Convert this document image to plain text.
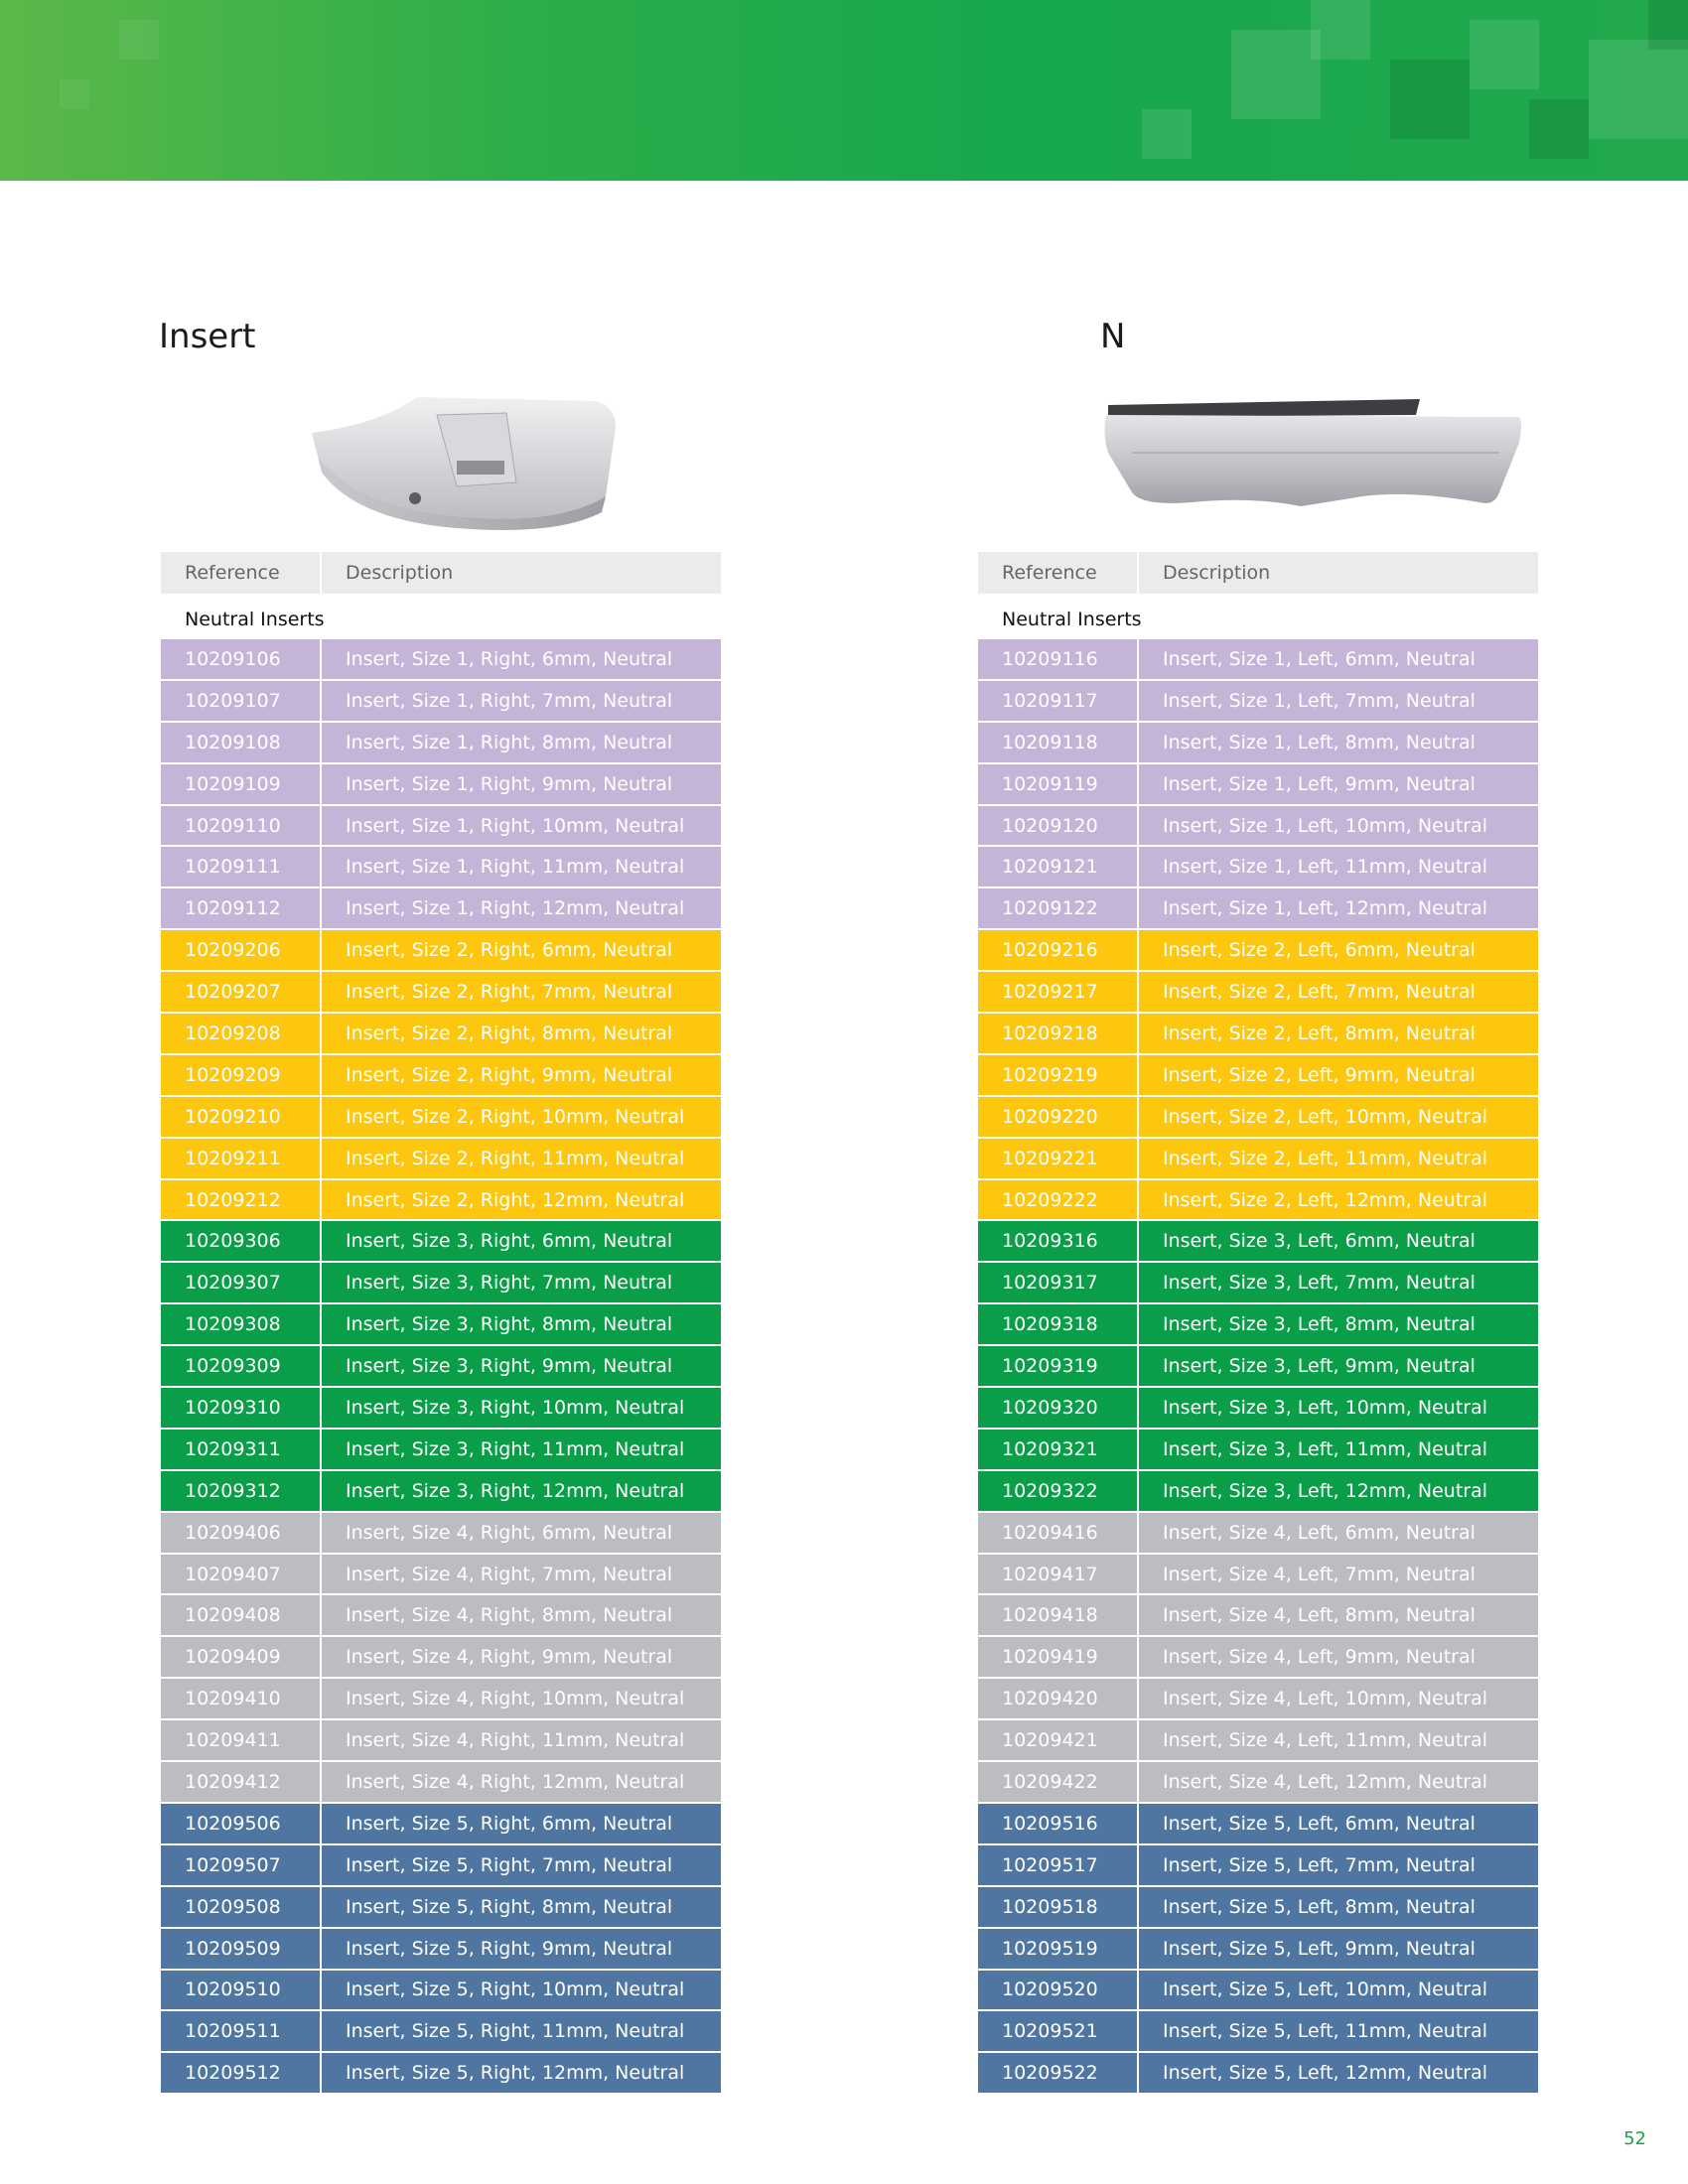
Insert
Reference	Description
Neutral Inserts	
10209106	Insert, Size 1, Right, 6mm, Neutral
10209107	Insert, Size 1, Right, 7mm, Neutral
10209108	Insert, Size 1, Right, 8mm, Neutral
10209109	Insert, Size 1, Right, 9mm, Neutral
10209110	Insert, Size 1, Right, 10mm, Neutral
10209111	Insert, Size 1, Right, 11mm, Neutral
10209112	Insert, Size 1, Right, 12mm, Neutral
10209206	Insert, Size 2, Right, 6mm, Neutral
10209207	Insert, Size 2, Right, 7mm, Neutral
10209208	Insert, Size 2, Right, 8mm, Neutral
10209209	Insert, Size 2, Right, 9mm, Neutral
10209210	Insert, Size 2, Right, 10mm, Neutral
10209211	Insert, Size 2, Right, 11mm, Neutral
10209212	Insert, Size 2, Right, 12mm, Neutral
10209306	Insert, Size 3, Right, 6mm, Neutral
10209307	Insert, Size 3, Right, 7mm, Neutral
10209308	Insert, Size 3, Right, 8mm, Neutral
10209309	Insert, Size 3, Right, 9mm, Neutral
10209310	Insert, Size 3, Right, 10mm, Neutral
10209311	Insert, Size 3, Right, 11mm, Neutral
10209312	Insert, Size 3, Right, 12mm, Neutral
10209406	Insert, Size 4, Right, 6mm, Neutral
10209407	Insert, Size 4, Right, 7mm, Neutral
10209408	Insert, Size 4, Right, 8mm, Neutral
10209409	Insert, Size 4, Right, 9mm, Neutral
10209410	Insert, Size 4, Right, 10mm, Neutral
10209411	Insert, Size 4, Right, 11mm, Neutral
10209412	Insert, Size 4, Right, 12mm, Neutral
10209506	Insert, Size 5, Right, 6mm, Neutral
10209507	Insert, Size 5, Right, 7mm, Neutral
10209508	Insert, Size 5, Right, 8mm, Neutral
10209509	Insert, Size 5, Right, 9mm, Neutral
10209510	Insert, Size 5, Right, 10mm, Neutral
10209511	Insert, Size 5, Right, 11mm, Neutral
10209512	Insert, Size 5, Right, 12mm, Neutral
N
Reference	Description
Neutral Inserts	
10209116	Insert, Size 1, Left, 6mm, Neutral
10209117	Insert, Size 1, Left, 7mm, Neutral
10209118	Insert, Size 1, Left, 8mm, Neutral
10209119	Insert, Size 1, Left, 9mm, Neutral
10209120	Insert, Size 1, Left, 10mm, Neutral
10209121	Insert, Size 1, Left, 11mm, Neutral
10209122	Insert, Size 1, Left, 12mm, Neutral
10209216	Insert, Size 2, Left, 6mm, Neutral
10209217	Insert, Size 2, Left, 7mm, Neutral
10209218	Insert, Size 2, Left, 8mm, Neutral
10209219	Insert, Size 2, Left, 9mm, Neutral
10209220	Insert, Size 2, Left, 10mm, Neutral
10209221	Insert, Size 2, Left, 11mm, Neutral
10209222	Insert, Size 2, Left, 12mm, Neutral
10209316	Insert, Size 3, Left, 6mm, Neutral
10209317	Insert, Size 3, Left, 7mm, Neutral
10209318	Insert, Size 3, Left, 8mm, Neutral
10209319	Insert, Size 3, Left, 9mm, Neutral
10209320	Insert, Size 3, Left, 10mm, Neutral
10209321	Insert, Size 3, Left, 11mm, Neutral
10209322	Insert, Size 3, Left, 12mm, Neutral
10209416	Insert, Size 4, Left, 6mm, Neutral
10209417	Insert, Size 4, Left, 7mm, Neutral
10209418	Insert, Size 4, Left, 8mm, Neutral
10209419	Insert, Size 4, Left, 9mm, Neutral
10209420	Insert, Size 4, Left, 10mm, Neutral
10209421	Insert, Size 4, Left, 11mm, Neutral
10209422	Insert, Size 4, Left, 12mm, Neutral
10209516	Insert, Size 5, Left, 6mm, Neutral
10209517	Insert, Size 5, Left, 7mm, Neutral
10209518	Insert, Size 5, Left, 8mm, Neutral
10209519	Insert, Size 5, Left, 9mm, Neutral
10209520	Insert, Size 5, Left, 10mm, Neutral
10209521	Insert, Size 5, Left, 11mm, Neutral
10209522	Insert, Size 5, Left, 12mm, Neutral
52
